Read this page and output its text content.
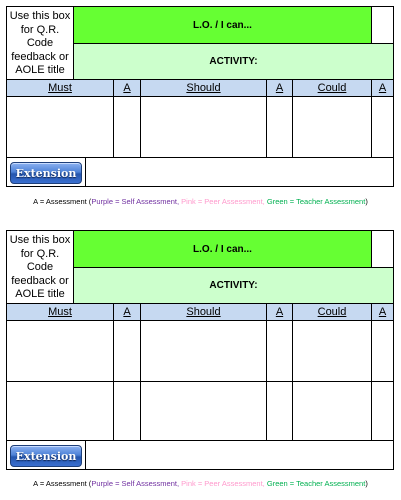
Use this box for Q.R. Code feedback or AOLE title
L.O. / I can...
ACTIVITY:
Must	A	Should	A	Could	A
Extension
A = Assessment (Purple = Self Assessment, Pink = Peer Assessment, Green = Teacher Assessment)
Use this box for Q.R. Code feedback or AOLE title
L.O. / I can...
ACTIVITY:
Must	A	Should	A	Could	A
Extension
A = Assessment (Purple = Self Assessment, Pink = Peer Assessment, Green = Teacher Assessment)
